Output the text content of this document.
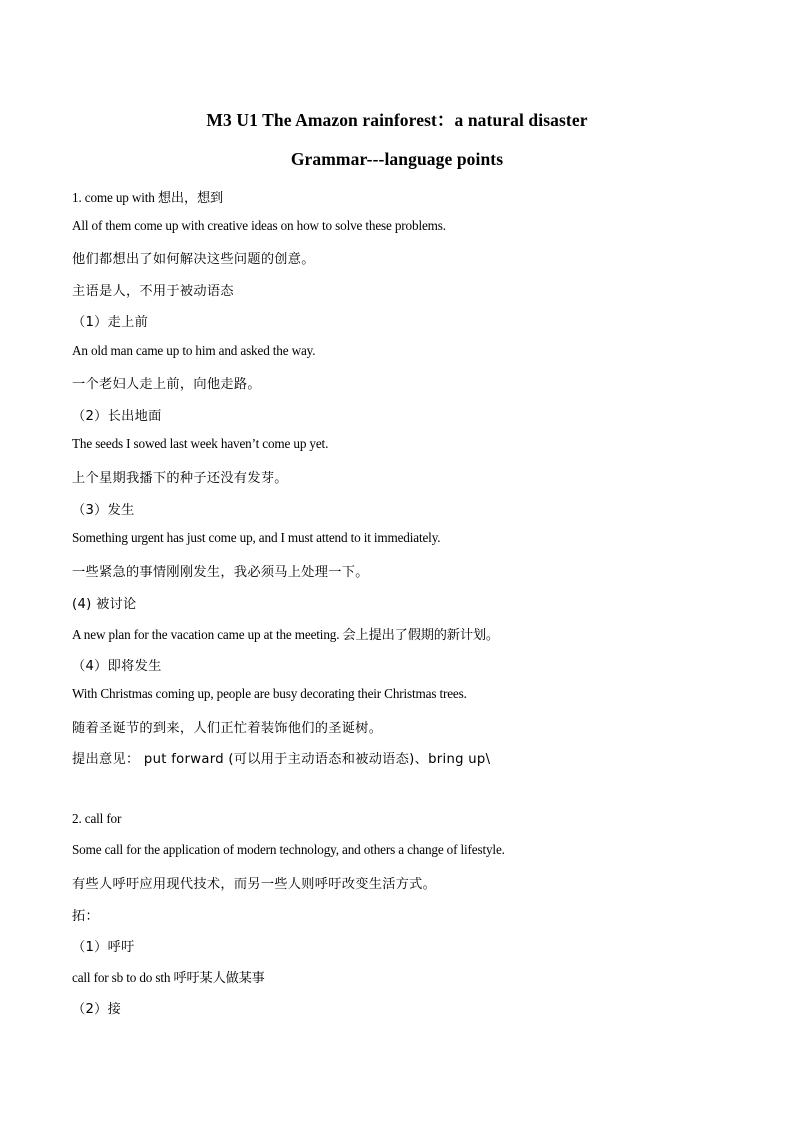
M3 U1 The Amazon rainforest：a natural disaster
Grammar---language points
1. come up with 想出，想到
All of them come up with creative ideas on how to solve these problems.
他们都想出了如何解决这些问题的创意。
主语是人，不用于被动语态
（1）走上前
An old man came up to him and asked the way.
一个老妇人走上前，向他走路。
（2）长出地面
The seeds I sowed last week haven’t come up yet.
上个星期我播下的种子还没有发芽。
（3）发生
Something urgent has just come up, and I must attend to it immediately.
一些紧急的事情刚刚发生，我必须马上处理一下。
(4) 被讨论
A new plan for the vacation came up at the meeting. 会上提出了假期的新计划。
（4）即将发生
With Christmas coming up, people are busy decorating their Christmas trees.
随着圣诞节的到来，人们正忙着装饰他们的圣诞树。
提出意见： put forward (可以用于主动语态和被动语态)、bring up\
2. call for
Some call for the application of modern technology, and others a change of lifestyle.
有些人呼吁应用现代技术，而另一些人则呼吁改变生活方式。
拓：
（1）呼吁
call for sb to do sth 呼吁某人做某事
（2）接
